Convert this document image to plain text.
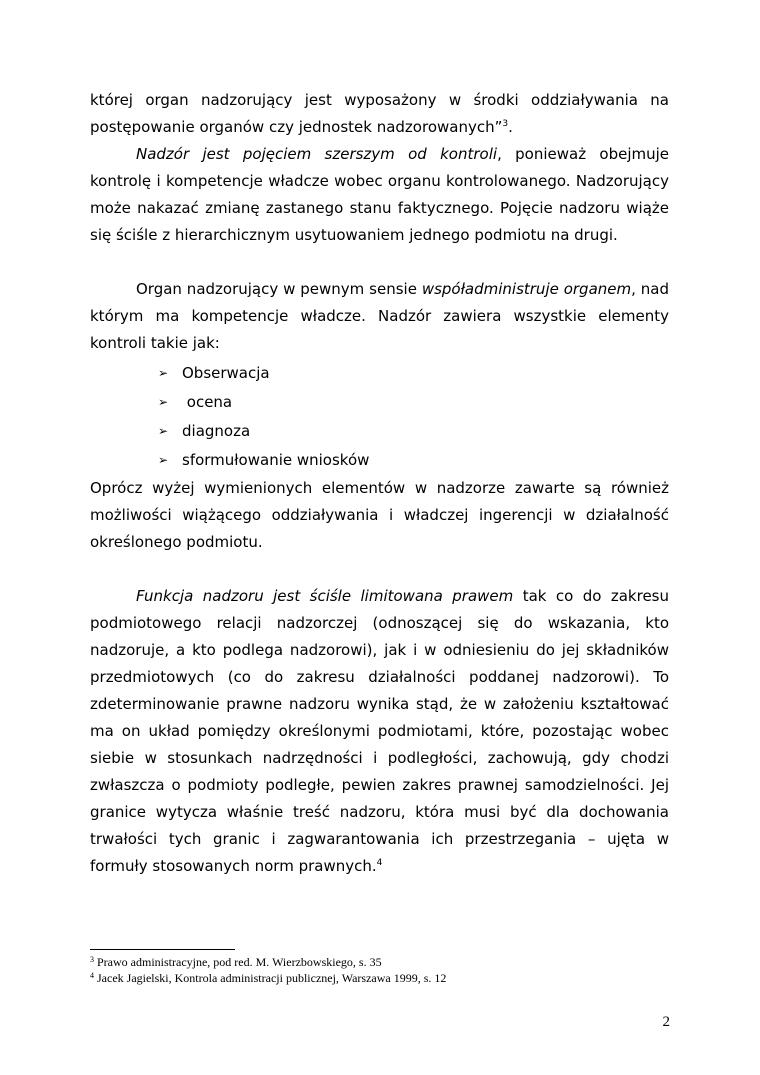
której organ nadzorujący jest wyposażony w środki oddziaływania na postępowanie organów czy jednostek nadzorowanych”$^3$.

Nadzór jest pojęciem szerszym od kontroli, ponieważ obejmuje kontrolę i kompetencje władcze wobec organu kontrolowanego. Nadzorujący może nakazać zmianę zastanego stanu faktycznego. Pojęcie nadzoru wiąże się ściśle z hierarchicznym usytuowaniem jednego podmiotu na drugi.

Organ nadzorujący w pewnym sensie współadministruje organem, nad którym ma kompetencje władcze. Nadzór zawiera wszystkie elementy kontroli takie jak:

➢ Obserwacja
➢ ocena
➢ diagnoza
➢ sformułowanie wniosków

Oprócz wyżej wymienionych elementów w nadzorze zawarte są również możliwości wiążącego oddziaływania i władczej ingerencji w działalność określonego podmiotu.

Funkcja nadzoru jest ściśle limitowana prawem tak co do zakresu podmiotowego relacji nadzorczej (odnoszącej się do wskazania, kto nadzoruje, a kto podlega nadzorowi), jak i w odniesieniu do jej składników przedmiotowych (co do zakresu działalności poddanej nadzorowi). To zdeterminowanie prawne nadzoru wynika stąd, że w założeniu kształtować ma on układ pomiędzy określonymi podmiotami, które, pozostając wobec siebie w stosunkach nadrzędności i podległości, zachowują, gdy chodzi zwłaszcza o podmioty podległe, pewien zakres prawnej samodzielności. Jej granice wytycza właśnie treść nadzoru, która musi być dla dochowania trwałości tych granic i zagwarantowania ich przestrzegania – ujęta w formuły stosowanych norm prawnych.$^4$

$^3$ Prawo administracyjne, pod red. M. Wierzbowskiego, s. 35
$^4$ Jacek Jagielski, Kontrola administracji publicznej, Warszawa 1999, s. 12
2
